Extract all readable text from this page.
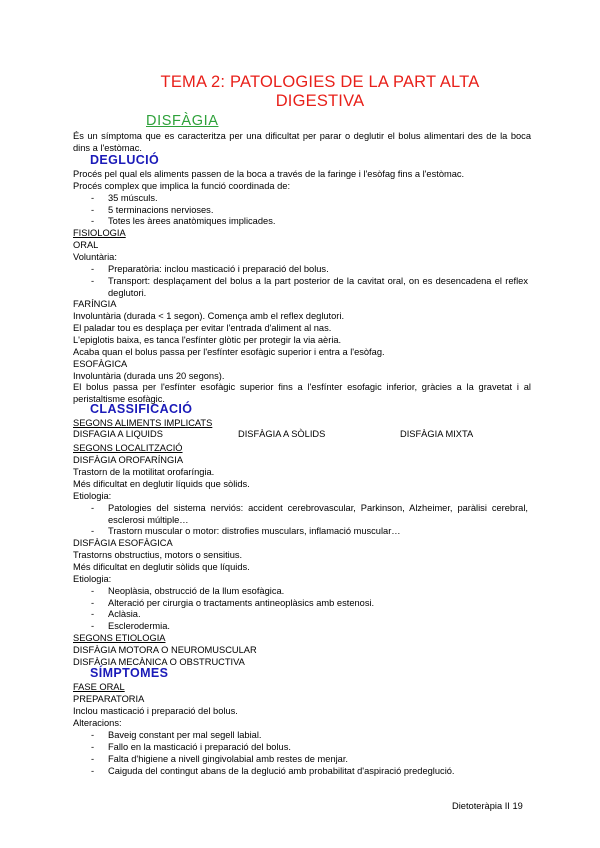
TEMA 2: PATOLOGIES DE LA PART ALTA
DIGESTIVA
DISFÀGIA
És un símptoma que es caracteritza per una dificultat per parar o deglutir el bolus alimentari des de la boca dins a l'estòmac.
DEGLUCIÓ
Procés pel qual els aliments passen de la boca a través de la faringe i l'esòfag fins a l'estòmac.
Procés complex que implica la funció coordinada de:
- 35 músculs.
- 5 terminacions nervioses.
- Totes les àrees anatòmiques implicades.
FISIOLOGIA
ORAL
Voluntària:
- Preparatòria: inclou masticació i preparació del bolus.
- Transport: desplaçament del bolus a la part posterior de la cavitat oral, on es desencadena el reflex deglutori.
FARÍNGIA
Involuntària (durada < 1 segon). Comença amb el reflex deglutori.
El paladar tou es desplaça per evitar l'entrada d'aliment al nas.
L'epiglotis baixa, es tanca l'esfínter glòtic per protegir la via aèria.
Acaba quan el bolus passa per l'esfínter esofàgic superior i entra a l'esòfag.
ESOFÀGICA
Involuntària (durada uns 20 segons).
El bolus passa per l'esfínter esofàgic superior fins a l'esfínter esofagic inferior, gràcies a la gravetat i al peristaltisme esofàgic.
CLASSIFICACIÓ
SEGONS ALIMENTS IMPLICATS
DISFAGIA A LIQUIDS	DISFÀGIA A SÒLIDS	DISFÀGIA MIXTA
SEGONS LOCALITZACIÓ
DISFÀGIA OROFARÍNGIA
Trastorn de la motilitat orofaríngia.
Més dificultat en deglutir líquids que sòlids.
Etiologia:
- Patologies del sistema nerviós: accident cerebrovascular, Parkinson, Alzheimer, paràlisi cerebral, esclerosi múltiple…
- Trastorn muscular o motor: distrofies musculars, inflamació muscular…
DISFÀGIA ESOFÀGICA
Trastorns obstructius, motors o sensitius.
Més dificultat en deglutir sòlids que líquids.
Etiologia:
- Neoplàsia, obstrucció de la llum esofàgica.
- Alteració per cirurgia o tractaments antineoplàsics amb estenosi.
- Aclàsia.
- Esclerodermia.
SEGONS ETIOLOGIA
DISFÀGIA MOTORA O NEUROMUSCULAR
DISFÀGIA MECÀNICA O OBSTRUCTIVA
SÍMPTOMES
FASE ORAL
PREPARATORIA
Inclou masticació i preparació del bolus.
Alteracions:
- Baveig constant per mal segell labial.
- Fallo en la masticació i preparació del bolus.
- Falta d'higiene a nivell gingivolabial amb restes de menjar.
- Caiguda del contingut abans de la deglució amb probabilitat d'aspiració predeglució.
Dietoteràpia II 19
